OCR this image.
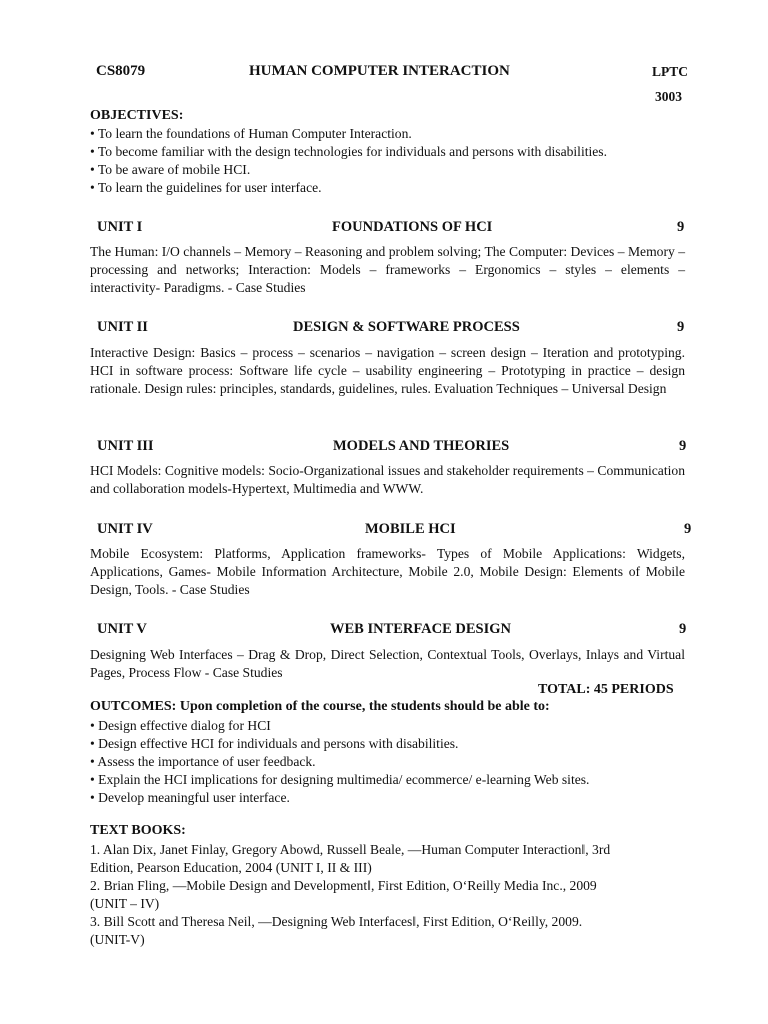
CS8079	HUMAN COMPUTER INTERACTION	LPTC
3003
OBJECTIVES:
• To learn the foundations of Human Computer Interaction.
• To become familiar with the design technologies for individuals and persons with disabilities.
• To be aware of mobile HCI.
• To learn the guidelines for user interface.
UNIT I	FOUNDATIONS OF HCI	9
The Human: I/O channels – Memory – Reasoning and problem solving; The Computer: Devices – Memory – processing and networks; Interaction: Models – frameworks – Ergonomics – styles – elements – interactivity- Paradigms. - Case Studies
UNIT II	DESIGN & SOFTWARE PROCESS	9
Interactive Design: Basics – process – scenarios – navigation – screen design – Iteration and prototyping. HCI in software process: Software life cycle – usability engineering – Prototyping in practice – design rationale. Design rules: principles, standards, guidelines, rules. Evaluation Techniques – Universal Design
UNIT III	MODELS AND THEORIES	9
HCI Models: Cognitive models: Socio-Organizational issues and stakeholder requirements – Communication and collaboration models-Hypertext, Multimedia and WWW.
UNIT IV	MOBILE HCI	9
Mobile Ecosystem: Platforms, Application frameworks- Types of Mobile Applications: Widgets, Applications, Games- Mobile Information Architecture, Mobile 2.0, Mobile Design: Elements of Mobile Design, Tools. - Case Studies
UNIT V	WEB INTERFACE DESIGN	9
Designing Web Interfaces – Drag & Drop, Direct Selection, Contextual Tools, Overlays, Inlays and Virtual Pages, Process Flow - Case Studies
TOTAL: 45 PERIODS
OUTCOMES: Upon completion of the course, the students should be able to:
• Design effective dialog for HCI
• Design effective HCI for individuals and persons with disabilities.
• Assess the importance of user feedback.
• Explain the HCI implications for designing multimedia/ ecommerce/ e-learning Web sites.
• Develop meaningful user interface.
TEXT BOOKS:
1. Alan Dix, Janet Finlay, Gregory Abowd, Russell Beale, ―Human Computer Interaction‖, 3rd
Edition, Pearson Education, 2004 (UNIT I, II & III)
2. Brian Fling, ―Mobile Design and Development‖, First Edition, O‘Reilly Media Inc., 2009
(UNIT – IV)
3. Bill Scott and Theresa Neil, ―Designing Web Interfaces‖, First Edition, O‘Reilly, 2009.
(UNIT-V)
